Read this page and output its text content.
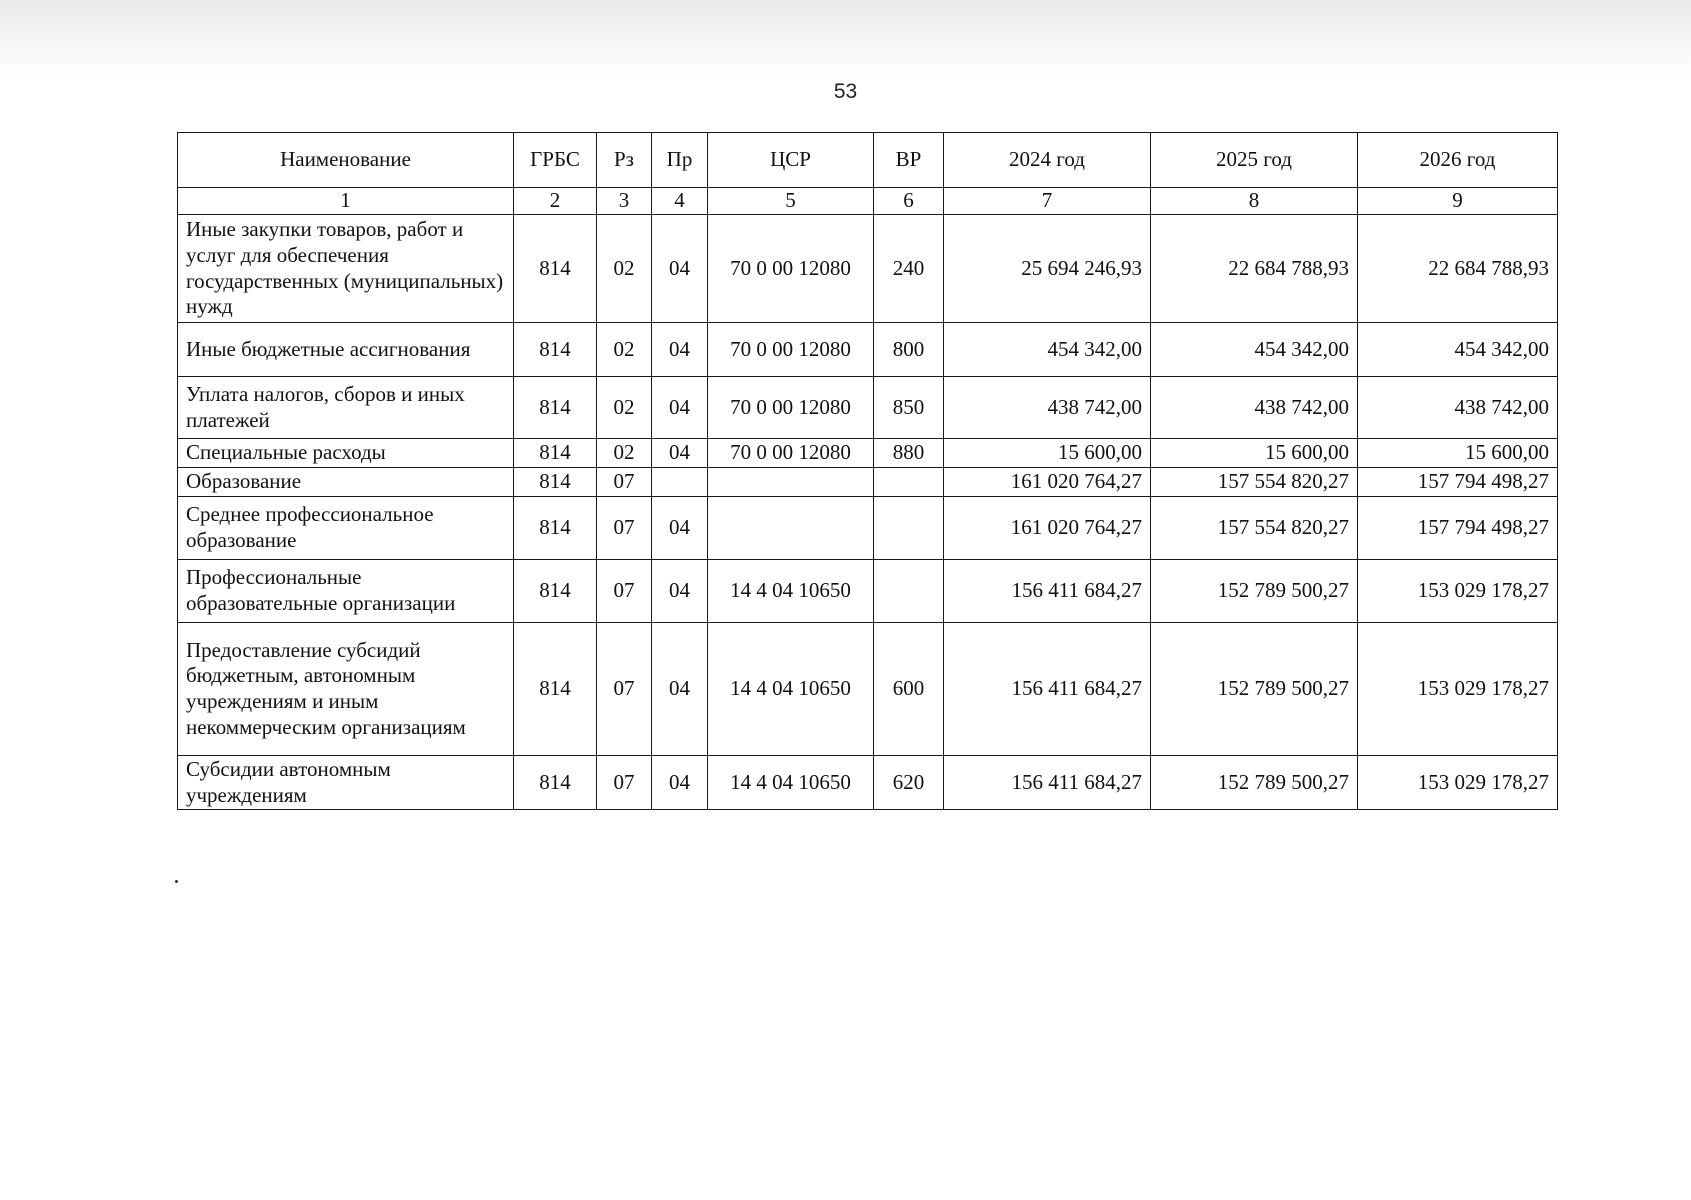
53
Наименование	ГРБС	Рз	Пр	ЦСР	ВР	2024 год	2025 год	2026 год
1	2	3	4	5	6	7	8	9
Иные закупки товаров, работ и услуг для обеспечения государственных (муниципальных) нужд	814	02	04	70 0 00 12080	240	25 694 246,93	22 684 788,93	22 684 788,93
Иные бюджетные ассигнования	814	02	04	70 0 00 12080	800	454 342,00	454 342,00	454 342,00
Уплата налогов, сборов и иных платежей	814	02	04	70 0 00 12080	850	438 742,00	438 742,00	438 742,00
Специальные расходы	814	02	04	70 0 00 12080	880	15 600,00	15 600,00	15 600,00
Образование	814	07				161 020 764,27	157 554 820,27	157 794 498,27
Среднее профессиональное образование	814	07	04			161 020 764,27	157 554 820,27	157 794 498,27
Профессиональные образовательные организации	814	07	04	14 4 04 10650		156 411 684,27	152 789 500,27	153 029 178,27
Предоставление субсидий бюджетным, автономным учреждениям и иным некоммерческим организациям	814	07	04	14 4 04 10650	600	156 411 684,27	152 789 500,27	153 029 178,27
Субсидии автономным учреждениям	814	07	04	14 4 04 10650	620	156 411 684,27	152 789 500,27	153 029 178,27
